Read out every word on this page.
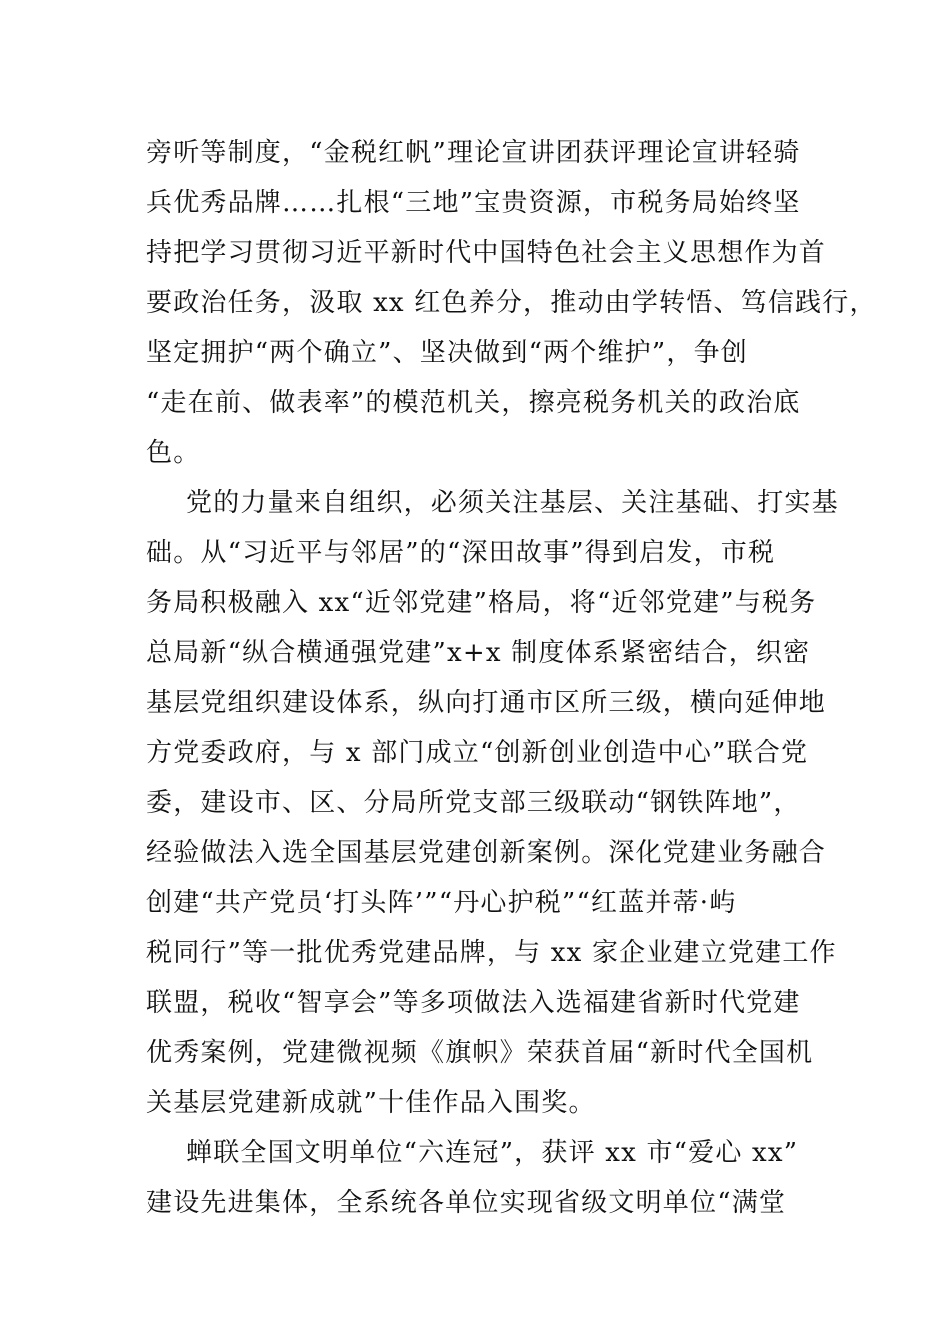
旁听等制度，“金税红帆”理论宣讲团获评理论宣讲轻骑
兵优秀品牌……扎根“三地”宝贵资源，市税务局始终坚
持把学习贯彻习近平新时代中国特色社会主义思想作为首
要政治任务，汲取 xx 红色养分，推动由学转悟、笃信践行，
坚定拥护“两个确立”、坚决做到“两个维护”，争创
“走在前、做表率”的模范机关，擦亮税务机关的政治底
色。
党的力量来自组织，必须关注基层、关注基础、打实基
础。从“习近平与邻居”的“深田故事”得到启发，市税
务局积极融入 xx“近邻党建”格局，将“近邻党建”与税务
总局新“纵合横通强党建”x+x 制度体系紧密结合，织密
基层党组织建设体系，纵向打通市区所三级，横向延伸地
方党委政府，与 x 部门成立“创新创业创造中心”联合党
委，建设市、区、分局所党支部三级联动“钢铁阵地”，
经验做法入选全国基层党建创新案例。深化党建业务融合
创建“共产党员‘打头阵’”“丹心护税”“红蓝并蒂·屿
税同行”等一批优秀党建品牌，与 xx 家企业建立党建工作
联盟，税收“智享会”等多项做法入选福建省新时代党建
优秀案例，党建微视频《旗帜》荣获首届“新时代全国机
关基层党建新成就”十佳作品入围奖。
蝉联全国文明单位“六连冠”，获评 xx 市“爱心 xx”
建设先进集体，全系统各单位实现省级文明单位“满堂
